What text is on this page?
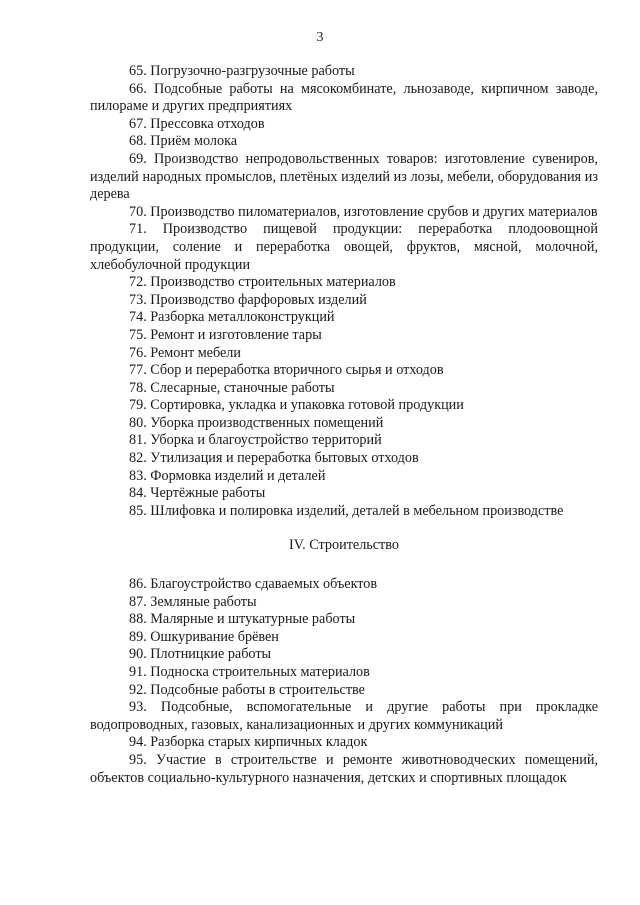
3

65. Погрузочно-разгрузочные работы

66. Подсобные работы на мясокомбинате, льнозаводе, кирпичном заводе, пилораме и других предприятиях

67. Прессовка отходов

68. Приём молока

69. Производство непродовольственных товаров: изготовление сувениров, изделий народных промыслов, плетёных изделий из лозы, мебели, оборудования из дерева

70. Производство пиломатериалов, изготовление срубов и других материалов

71. Производство пищевой продукции: переработка плодоовощной продукции, соление и переработка овощей, фруктов, мясной, молочной, хлебобулочной продукции

72. Производство строительных материалов

73. Производство фарфоровых изделий

74. Разборка металлоконструкций

75. Ремонт и изготовление тары

76. Ремонт мебели

77. Сбор и переработка вторичного сырья и отходов

78. Слесарные, станочные работы

79. Сортировка, укладка и упаковка готовой продукции

80. Уборка производственных помещений

81. Уборка и благоустройство территорий

82. Утилизация и переработка бытовых отходов

83. Формовка изделий и деталей

84. Чертёжные работы

85. Шлифовка и полировка изделий, деталей в мебельном производстве

IV. Строительство

86. Благоустройство сдаваемых объектов

87. Земляные работы

88. Малярные и штукатурные работы

89. Ошкуривание брёвен

90. Плотницкие работы

91. Подноска строительных материалов

92. Подсобные работы в строительстве

93. Подсобные, вспомогательные и другие работы при прокладке водопроводных, газовых, канализационных и других коммуникаций

94. Разборка старых кирпичных кладок

95. Участие в строительстве и ремонте животноводческих помещений, объектов социально-культурного назначения, детских и спортивных площадок
